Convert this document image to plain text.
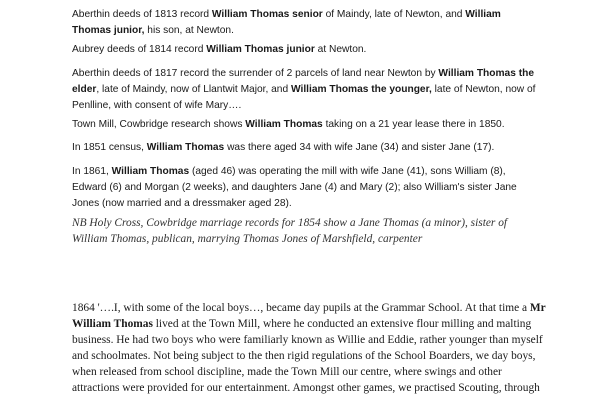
Aberthin deeds of 1813 record William Thomas senior of Maindy, late of Newton, and William Thomas junior, his son, at Newton.

Aubrey deeds of 1814 record William Thomas junior at Newton.

Aberthin deeds of 1817 record the surrender of 2 parcels of land near Newton by William Thomas the elder, late of Maindy, now of Llantwit Major, and William Thomas the younger, late of Newton, now of Penlline, with consent of wife Mary….

Town Mill, Cowbridge research shows William Thomas taking on a 21 year lease there in 1850.

In 1851 census, William Thomas was there aged 34 with wife Jane (34) and sister Jane (17).

In 1861, William Thomas (aged 46) was operating the mill with wife Jane (41), sons William (8), Edward (6) and Morgan (2 weeks), and daughters Jane (4) and Mary (2); also William's sister Jane Jones (now married and a dressmaker aged 28).

NB Holy Cross, Cowbridge marriage records for 1854 show a Jane Thomas (a minor), sister of William Thomas, publican, marrying Thomas Jones of Marshfield, carpenter

1864 '….I, with some of the local boys…, became day pupils at the Grammar School. At that time a Mr William Thomas lived at the Town Mill, where he conducted an extensive flour milling and malting business. He had two boys who were familiarly known as Willie and Eddie, rather younger than myself and schoolmates. Not being subject to the then rigid regulations of the School Boarders, we day boys, when released from school discipline, made the Town Mill our centre, where swings and other attractions were provided for our entertainment. Amongst other games, we practised Scouting, through
